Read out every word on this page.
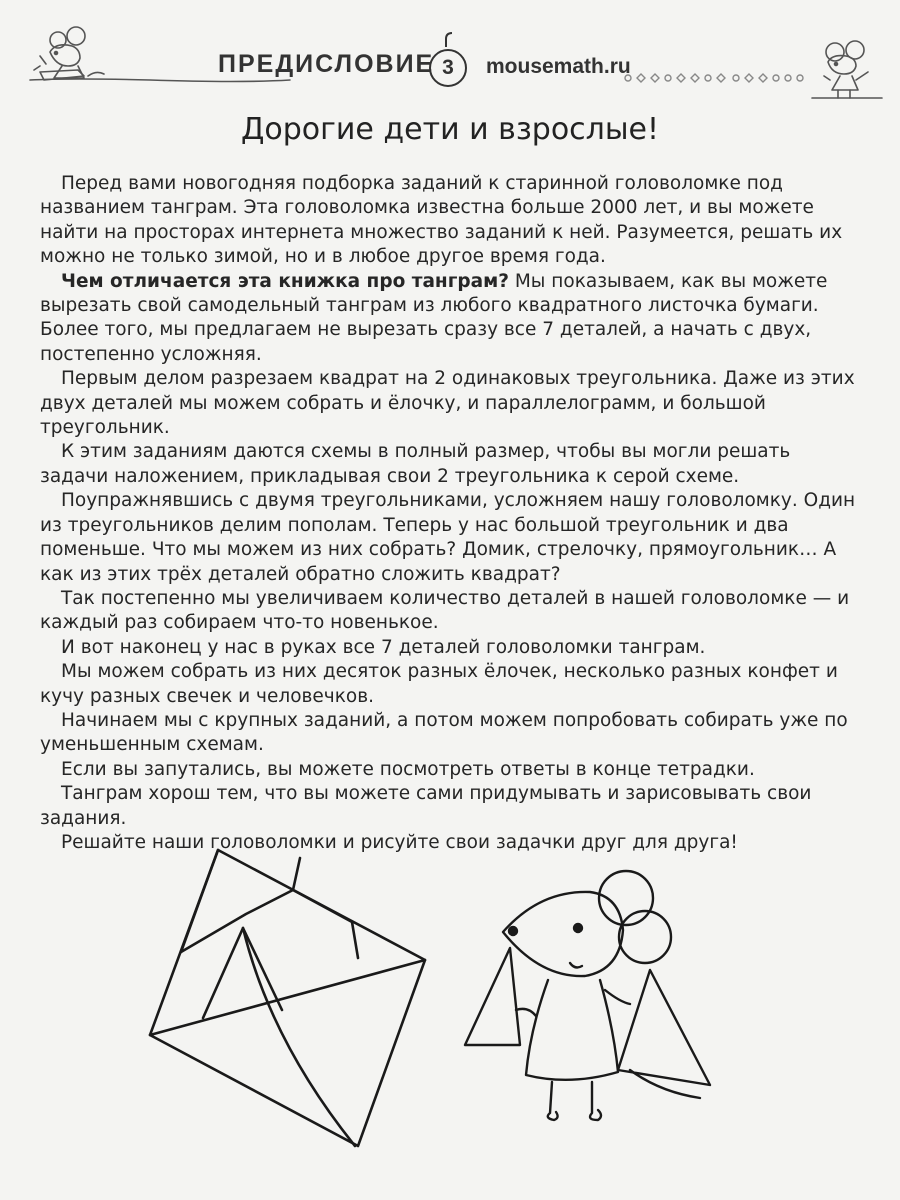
ПРЕДИСЛОВИЕ 3	mousemath.ru
Дорогие дети и взрослые!

Перед вами новогодняя подборка заданий к старинной головоломке под названием танграм. Эта головоломка известна больше 2000 лет, и вы можете найти на просторах интернета множество заданий к ней. Разумеется, решать их можно не только зимой, но и в любое другое время года.

Чем отличается эта книжка про танграм? Мы показываем, как вы можете вырезать свой самодельный танграм из любого квадратного листочка бумаги. Более того, мы предлагаем не вырезать сразу все 7 деталей, а начать с двух, постепенно усложняя.

Первым делом разрезаем квадрат на 2 одинаковых треугольника. Даже из этих двух деталей мы можем собрать и ёлочку, и параллелограмм, и большой треугольник.

К этим заданиям даются схемы в полный размер, чтобы вы могли решать задачи наложением, прикладывая свои 2 треугольника к серой схеме.

Поупражнявшись с двумя треугольниками, усложняем нашу головоломку. Один из треугольников делим пополам. Теперь у нас большой треугольник и два поменьше. Что мы можем из них собрать? Домик, стрелочку, прямоугольник… А как из этих трёх деталей обратно сложить квадрат?

Так постепенно мы увеличиваем количество деталей в нашей головоломке — и каждый раз собираем что-то новенькое.

И вот наконец у нас в руках все 7 деталей головоломки танграм.

Мы можем собрать из них десяток разных ёлочек, несколько разных конфет и кучу разных свечек и человечков.

Начинаем мы с крупных заданий, а потом можем попробовать собирать уже по уменьшенным схемам.

Если вы запутались, вы можете посмотреть ответы в конце тетрадки.

Танграм хорош тем, что вы можете сами придумывать и зарисовывать свои задания.

Решайте наши головоломки и рисуйте свои задачки друг для друга!
